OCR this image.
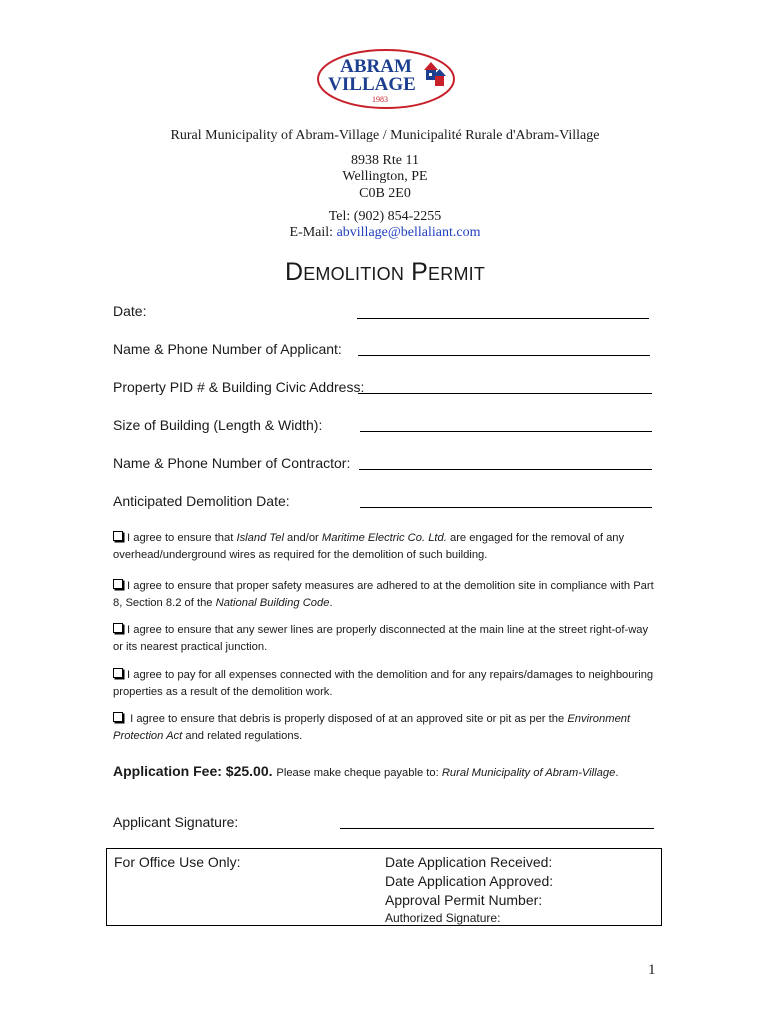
ABRAM
VILLAGE
1983
Rural Municipality of Abram-Village / Municipalité Rurale d'Abram-Village
8938 Rte 11
Wellington, PE
C0B 2E0
Tel: (902) 854-2255
E-Mail: abvillage@bellaliant.com
DEMOLITION PERMIT
Date:
Name & Phone Number of Applicant:
Property PID # & Building Civic Address:
Size of Building (Length & Width):
Name & Phone Number of Contractor:
Anticipated Demolition Date:
I agree to ensure that Island Tel and/or Maritime Electric Co. Ltd. are engaged for the removal of any overhead/underground wires as required for the demolition of such building.
I agree to ensure that proper safety measures are adhered to at the demolition site in compliance with Part 8, Section 8.2 of the National Building Code.
I agree to ensure that any sewer lines are properly disconnected at the main line at the street right-of-way or its nearest practical junction.
I agree to pay for all expenses connected with the demolition and for any repairs/damages to neighbouring properties as a result of the demolition work.
I agree to ensure that debris is properly disposed of at an approved site or pit as per the Environment Protection Act and related regulations.
Application Fee: $25.00. Please make cheque payable to: Rural Municipality of Abram-Village.
Applicant Signature:
For Office Use Only:	Date Application Received:
Date Application Approved:
Approval Permit Number:
Authorized Signature:
1
